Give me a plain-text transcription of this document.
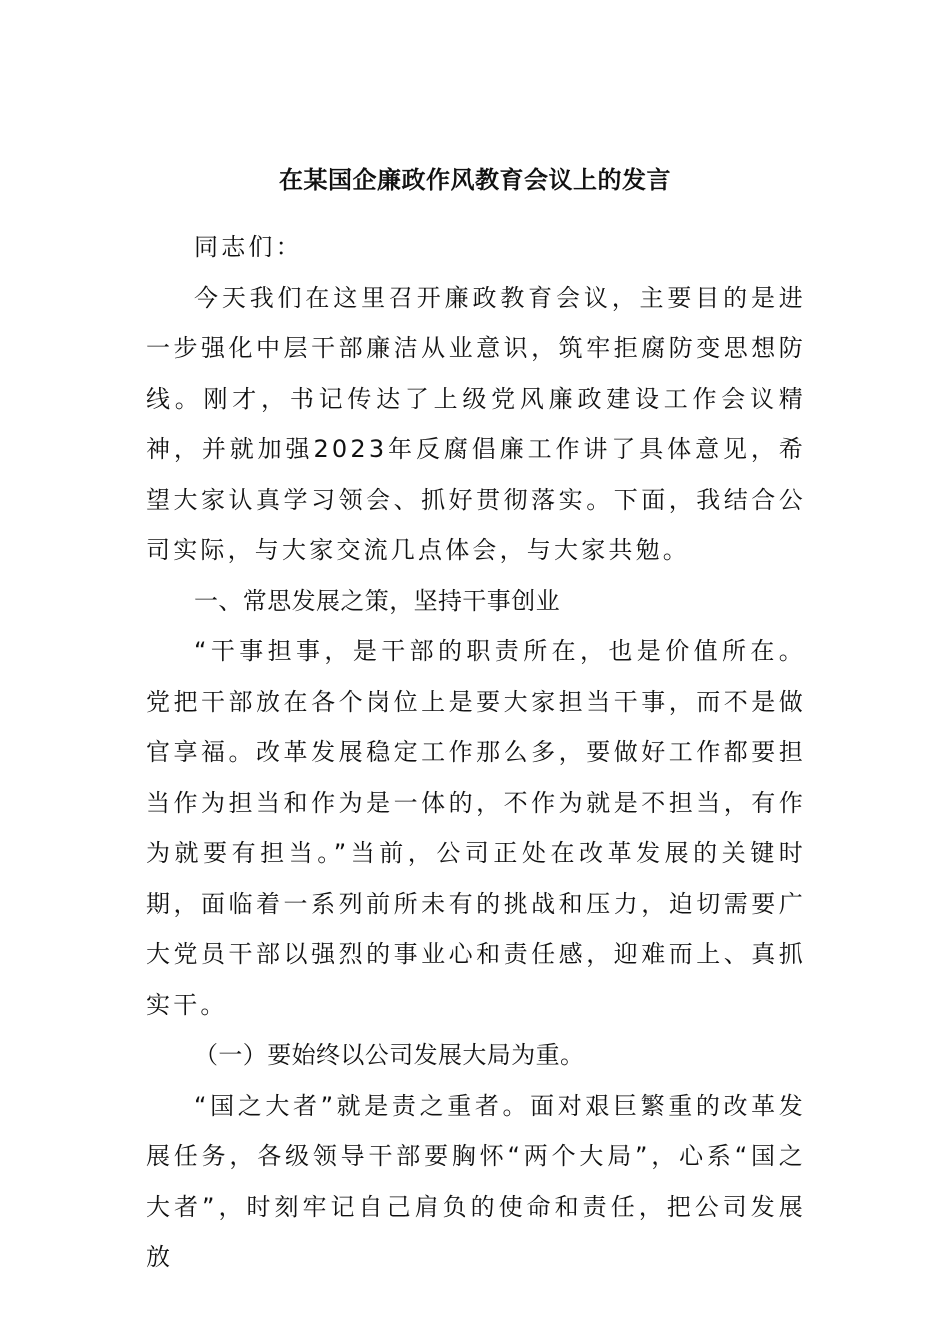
在某国企廉政作风教育会议上的发言

同志们：

今天我们在这里召开廉政教育会议，主要目的是进一步强化中层干部廉洁从业意识，筑牢拒腐防变思想防线。刚才，书记传达了上级党风廉政建设工作会议精神，并就加强2023年反腐倡廉工作讲了具体意见，希望大家认真学习领会、抓好贯彻落实。下面，我结合公司实际，与大家交流几点体会，与大家共勉。

一、常思发展之策，坚持干事创业

“干事担事，是干部的职责所在，也是价值所在。党把干部放在各个岗位上是要大家担当干事，而不是做官享福。改革发展稳定工作那么多，要做好工作都要担当作为担当和作为是一体的，不作为就是不担当，有作为就要有担当。”当前，公司正处在改革发展的关键时期，面临着一系列前所未有的挑战和压力，迫切需要广大党员干部以强烈的事业心和责任感，迎难而上、真抓实干。

（一）要始终以公司发展大局为重。

“国之大者”就是责之重者。面对艰巨繁重的改革发展任务，各级领导干部要胸怀“两个大局”，心系“国之大者”，时刻牢记自己肩负的使命和责任，把公司发展放
